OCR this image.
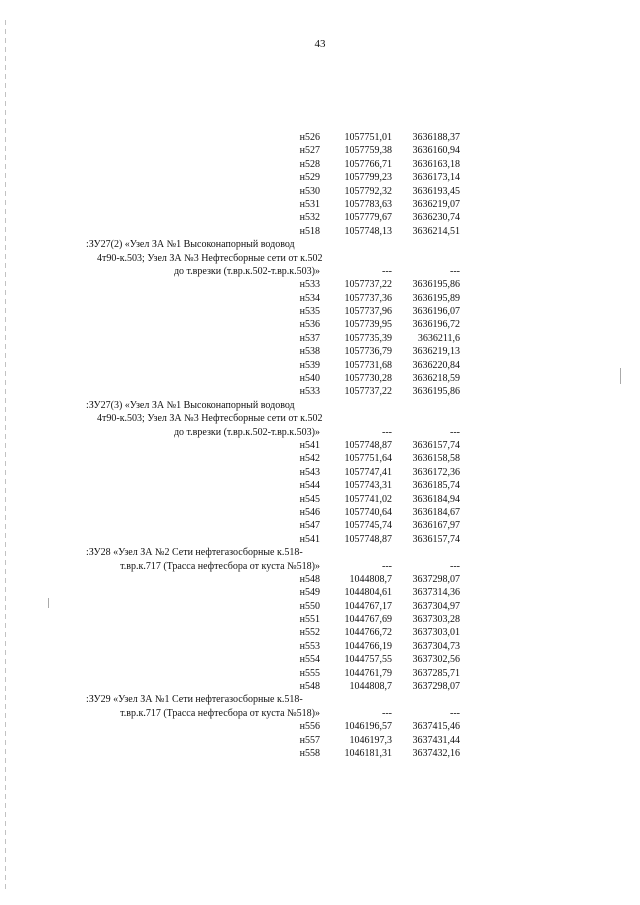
43
н526	1057751,01	3636188,37
н527	1057759,38	3636160,94
н528	1057766,71	3636163,18
н529	1057799,23	3636173,14
н530	1057792,32	3636193,45
н531	1057783,63	3636219,07
н532	1057779,67	3636230,74
н518	1057748,13	3636214,51
:ЗУ27(2) «Узел ЗА №1 Высоконапорный водовод
4т90-к.503; Узел ЗА №3 Нефтесборные сети от к.502
до т.врезки (т.вр.к.502-т.вр.к.503)»	---	---
н533	1057737,22	3636195,86
н534	1057737,36	3636195,89
н535	1057737,96	3636196,07
н536	1057739,95	3636196,72
н537	1057735,39	3636211,6
н538	1057736,79	3636219,13
н539	1057731,68	3636220,84
н540	1057730,28	3636218,59
н533	1057737,22	3636195,86
:ЗУ27(3) «Узел ЗА №1 Высоконапорный водовод
4т90-к.503; Узел ЗА №3 Нефтесборные сети от к.502
до т.врезки (т.вр.к.502-т.вр.к.503)»	---	---
н541	1057748,87	3636157,74
н542	1057751,64	3636158,58
н543	1057747,41	3636172,36
н544	1057743,31	3636185,74
н545	1057741,02	3636184,94
н546	1057740,64	3636184,67
н547	1057745,74	3636167,97
н541	1057748,87	3636157,74
:ЗУ28 «Узел ЗА №2 Сети нефтегазосборные к.518-
т.вр.к.717 (Трасса нефтесбора от куста №518)»	---	---
н548	1044808,7	3637298,07
н549	1044804,61	3637314,36
н550	1044767,17	3637304,97
н551	1044767,69	3637303,28
н552	1044766,72	3637303,01
н553	1044766,19	3637304,73
н554	1044757,55	3637302,56
н555	1044761,79	3637285,71
н548	1044808,7	3637298,07
:ЗУ29 «Узел ЗА №1 Сети нефтегазосборные к.518-
т.вр.к.717 (Трасса нефтесбора от куста №518)»	---	---
н556	1046196,57	3637415,46
н557	1046197,3	3637431,44
н558	1046181,31	3637432,16
